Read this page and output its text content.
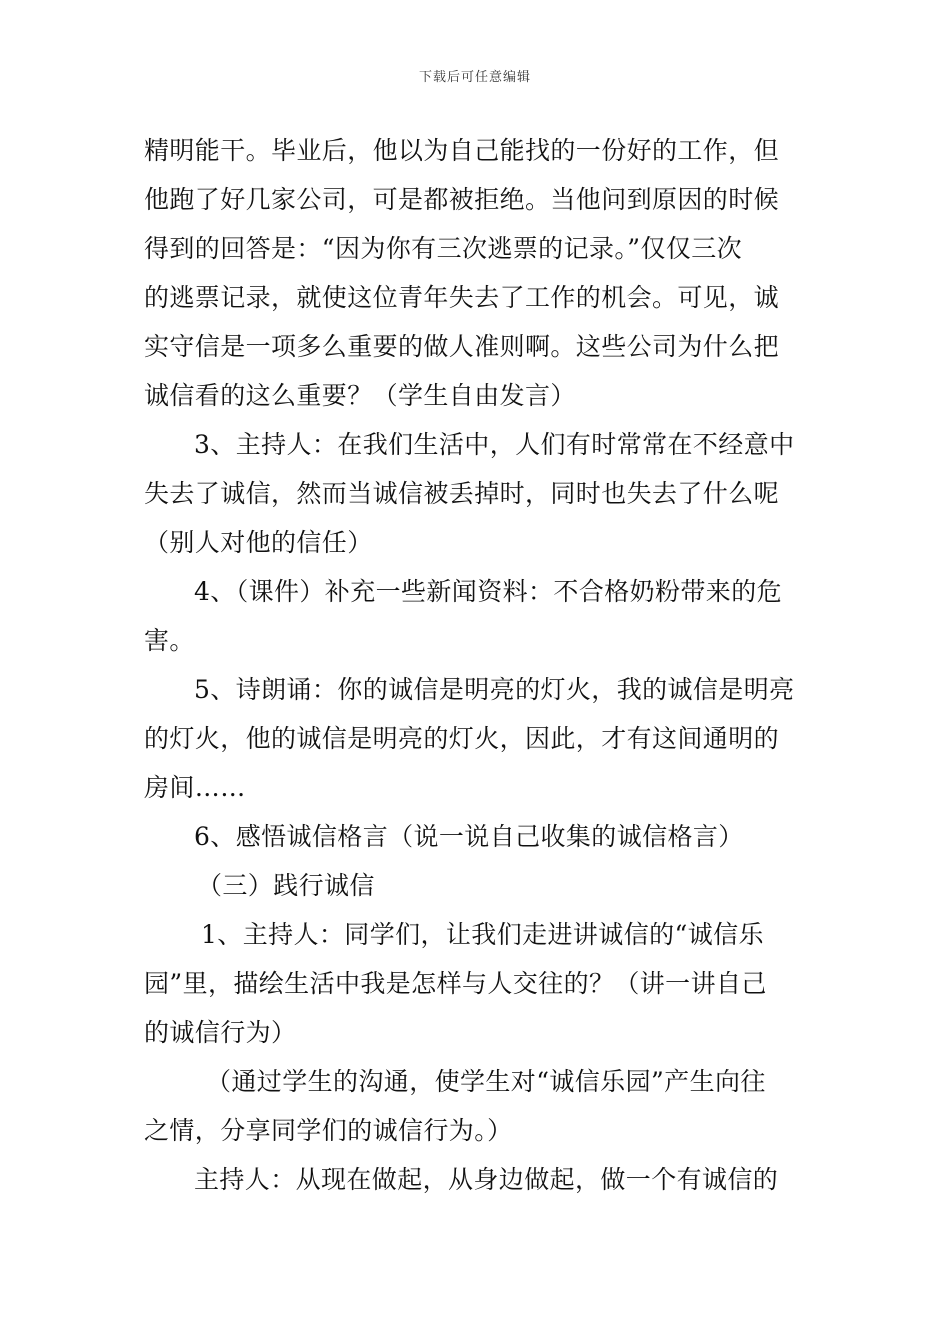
下载后可任意编辑
精明能干。毕业后，他以为自己能找的一份好的工作，但
他跑了好几家公司，可是都被拒绝。当他问到原因的时候
得到的回答是：“因为你有三次逃票的记录。”仅仅三次
的逃票记录，就使这位青年失去了工作的机会。可见，诚
实守信是一项多么重要的做人准则啊。这些公司为什么把
诚信看的这么重要？（学生自由发言）
3、主持人：在我们生活中，人们有时常常在不经意中
失去了诚信，然而当诚信被丢掉时，同时也失去了什么呢
（别人对他的信任）
4、（课件）补充一些新闻资料：不合格奶粉带来的危
害。
5、诗朗诵：你的诚信是明亮的灯火，我的诚信是明亮
的灯火，他的诚信是明亮的灯火，因此，才有这间通明的
房间……
6、感悟诚信格言（说一说自己收集的诚信格言）
（三）践行诚信
1、主持人：同学们，让我们走进讲诚信的“诚信乐
园”里，描绘生活中我是怎样与人交往的？（讲一讲自己
的诚信行为）
（通过学生的沟通，使学生对“诚信乐园”产生向往
之情，分享同学们的诚信行为。）
主持人：从现在做起，从身边做起，做一个有诚信的
